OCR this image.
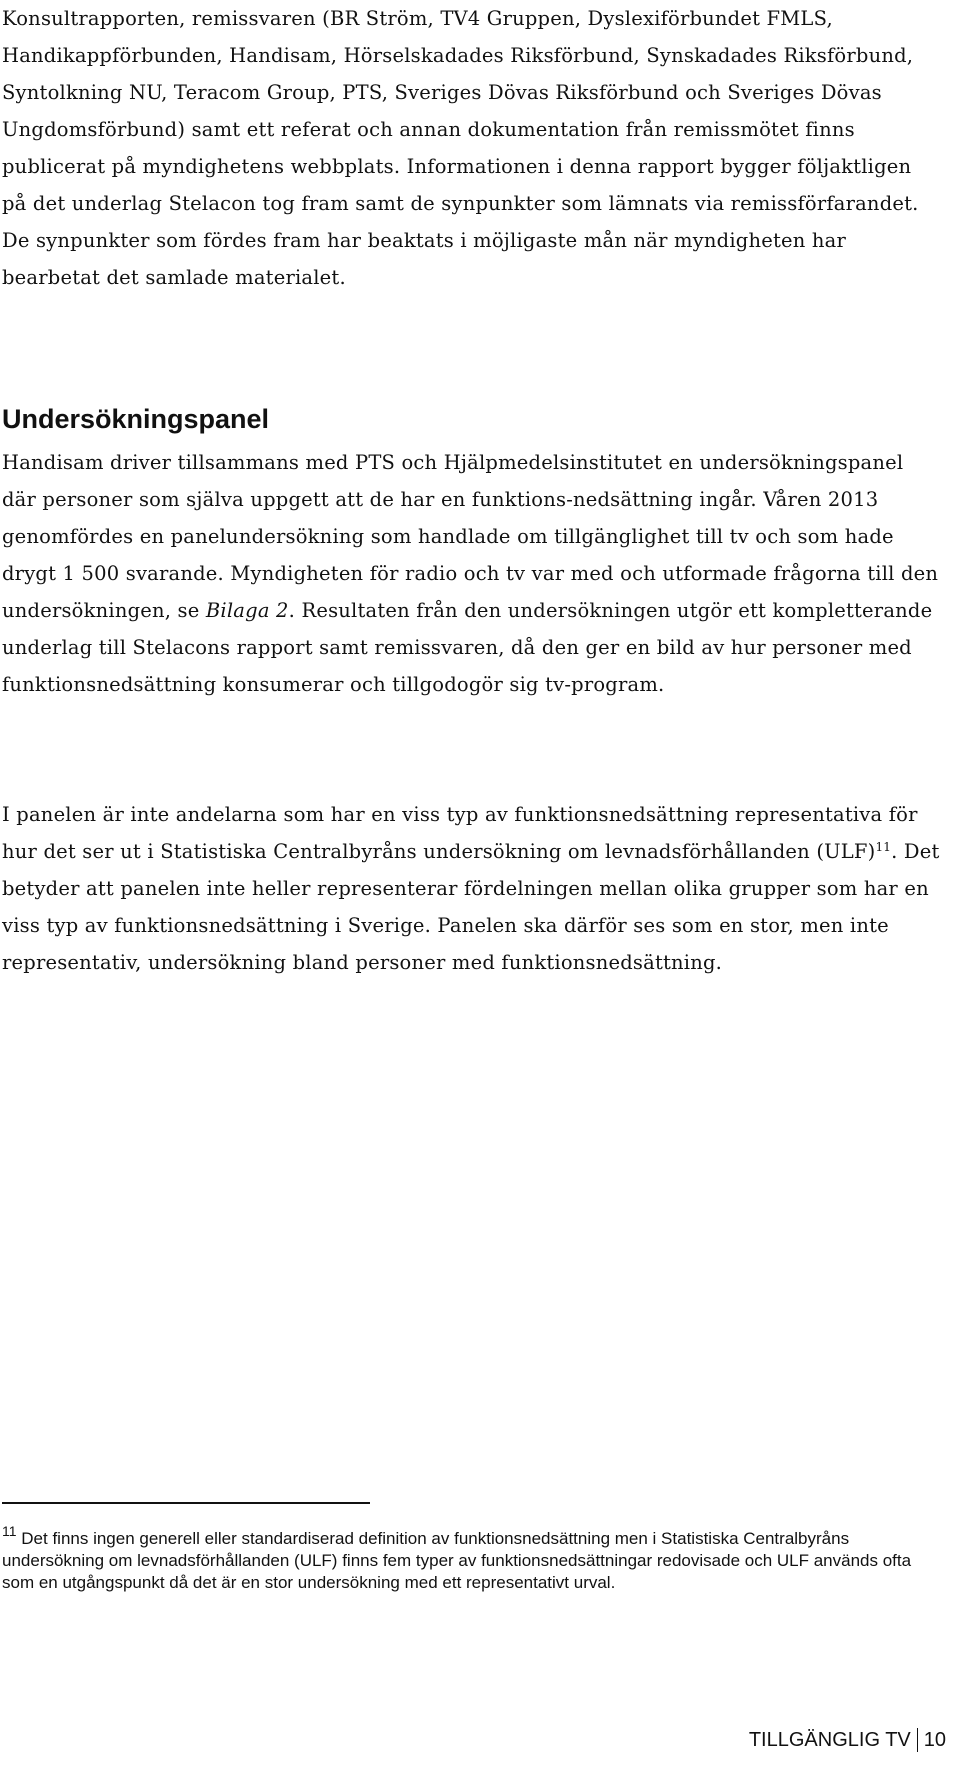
Konsultrapporten, remissvaren (BR Ström, TV4 Gruppen, Dyslexiförbundet FMLS, Handikappförbunden, Handisam, Hörselskadades Riksförbund, Synskadades Riksförbund, Syntolkning NU, Teracom Group, PTS, Sveriges Dövas Riksförbund och Sveriges Dövas Ungdomsförbund) samt ett referat och annan dokumentation från remissmötet finns publicerat på myndighetens webbplats. Informationen i denna rapport bygger följaktligen på det underlag Stelacon tog fram samt de synpunkter som lämnats via remissförfarandet. De synpunkter som fördes fram har beaktats i möjligaste mån när myndigheten har bearbetat det samlade materialet.

Undersökningspanel

Handisam driver tillsammans med PTS och Hjälpmedelsinstitutet en undersökningspanel där personer som själva uppgett att de har en funktions-nedsättning ingår. Våren 2013 genomfördes en panelundersökning som handlade om tillgänglighet till tv och som hade drygt 1 500 svarande. Myndigheten för radio och tv var med och utformade frågorna till den undersökningen, se Bilaga 2. Resultaten från den undersökningen utgör ett kompletterande underlag till Stelacons rapport samt remissvaren, då den ger en bild av hur personer med funktionsnedsättning konsumerar och tillgodogör sig tv-program.

I panelen är inte andelarna som har en viss typ av funktionsnedsättning representativa för hur det ser ut i Statistiska Centralbyråns undersökning om levnadsförhållanden (ULF)$^{11}$. Det betyder att panelen inte heller representerar fördelningen mellan olika grupper som har en viss typ av funktionsnedsättning i Sverige. Panelen ska därför ses som en stor, men inte representativ, undersökning bland personer med funktionsnedsättning.

$^{11}$ Det finns ingen generell eller standardiserad definition av funktionsnedsättning men i Statistiska Centralbyråns undersökning om levnadsförhållanden (ULF) finns fem typer av funktionsnedsättningar redovisade och ULF används ofta som en utgångspunkt då det är en stor undersökning med ett representativt urval.

TILLGÄNGLIG TV 10
